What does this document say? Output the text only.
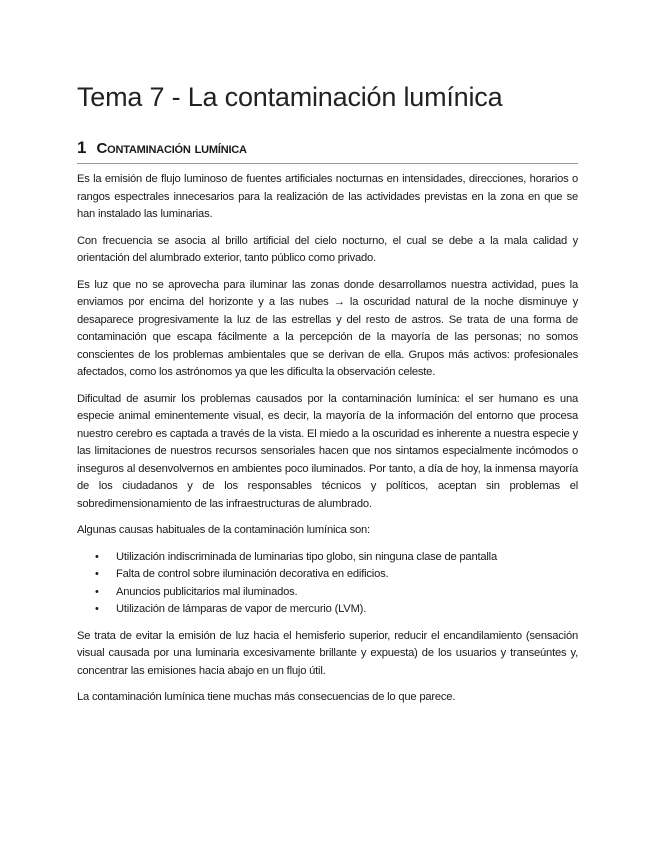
Tema 7 - La contaminación lumínica
1 Contaminación lumínica

Es la emisión de flujo luminoso de fuentes artificiales nocturnas en intensidades, direcciones, horarios o rangos espectrales innecesarios para la realización de las actividades previstas en la zona en que se han instalado las luminarias.

Con frecuencia se asocia al brillo artificial del cielo nocturno, el cual se debe a la mala calidad y orientación del alumbrado exterior, tanto público como privado.

Es luz que no se aprovecha para iluminar las zonas donde desarrollamos nuestra actividad, pues la enviamos por encima del horizonte y a las nubes → la oscuridad natural de la noche disminuye y desaparece progresivamente la luz de las estrellas y del resto de astros. Se trata de una forma de contaminación que escapa fácilmente a la percepción de la mayoría de las personas; no somos conscientes de los problemas ambientales que se derivan de ella. Grupos más activos: profesionales afectados, como los astrónomos ya que les dificulta la observación celeste.

Dificultad de asumir los problemas causados por la contaminación lumínica: el ser humano es una especie animal eminentemente visual, es decir, la mayoría de la información del entorno que procesa nuestro cerebro es captada a través de la vista. El miedo a la oscuridad es inherente a nuestra especie y las limitaciones de nuestros recursos sensoriales hacen que nos sintamos especialmente incómodos o inseguros al desenvolvernos en ambientes poco iluminados. Por tanto, a día de hoy, la inmensa mayoría de los ciudadanos y de los responsables técnicos y políticos, aceptan sin problemas el sobredimensionamiento de las infraestructuras de alumbrado.

Algunas causas habituales de la contaminación lumínica son:

• Utilización indiscriminada de luminarias tipo globo, sin ninguna clase de pantalla
• Falta de control sobre iluminación decorativa en edificios.
• Anuncios publicitarios mal iluminados.
• Utilización de lámparas de vapor de mercurio (LVM).

Se trata de evitar la emisión de luz hacia el hemisferio superior, reducir el encandilamiento (sensación visual causada por una luminaria excesivamente brillante y expuesta) de los usuarios y transeúntes y, concentrar las emisiones hacia abajo en un flujo útil.

La contaminación lumínica tiene muchas más consecuencias de lo que parece.
